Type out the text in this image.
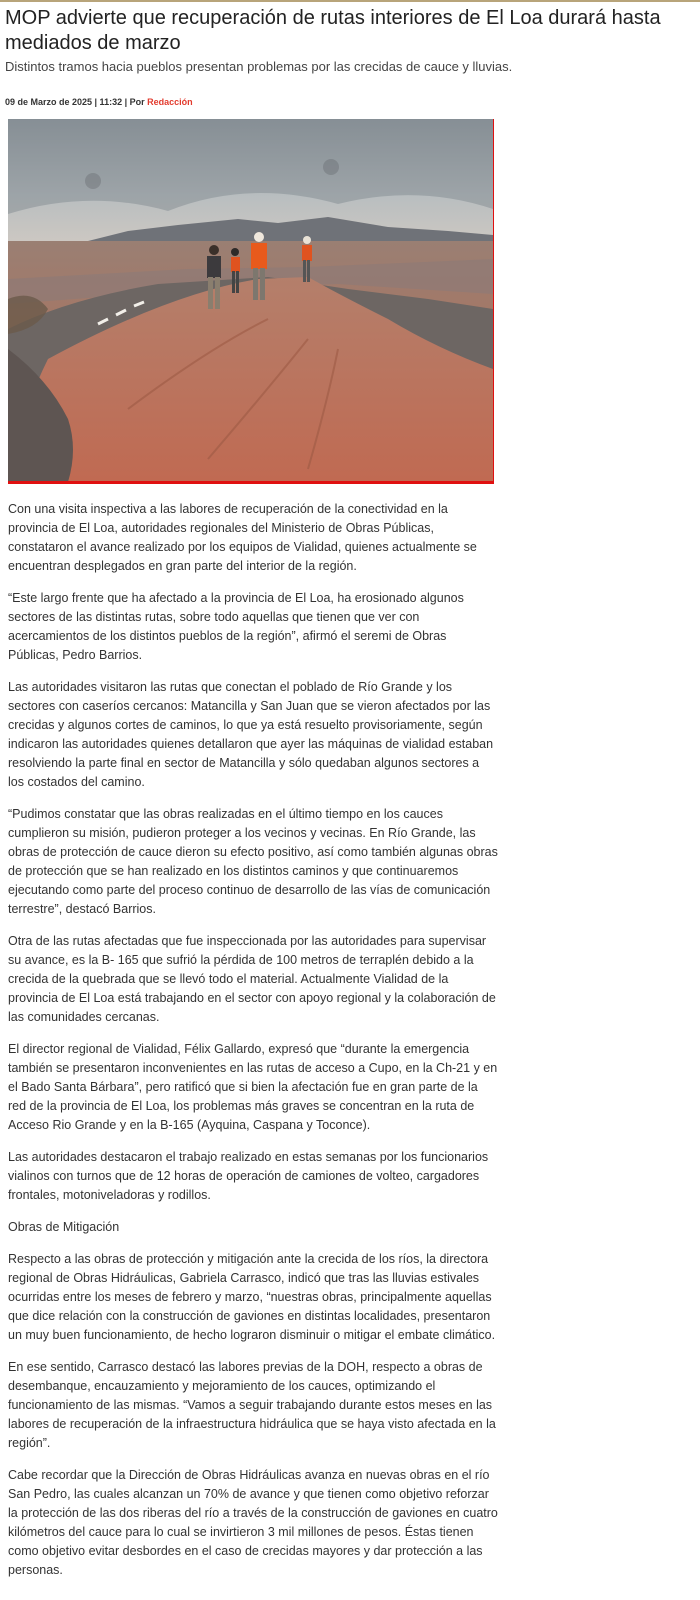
MOP advierte que recuperación de rutas interiores de El Loa durará hasta mediados de marzo

Distintos tramos hacia pueblos presentan problemas por las crecidas de cauce y lluvias.

09 de Marzo de 2025 | 11:32 | Por Redacción

Con una visita inspectiva a las labores de recuperación de la conectividad en la provincia de El Loa, autoridades regionales del Ministerio de Obras Públicas, constataron el avance realizado por los equipos de Vialidad, quienes actualmente se encuentran desplegados en gran parte del interior de la región.

“Este largo frente que ha afectado a la provincia de El Loa, ha erosionado algunos sectores de las distintas rutas, sobre todo aquellas que tienen que ver con acercamientos de los distintos pueblos de la región”, afirmó el seremi de Obras Públicas, Pedro Barrios.

Las autoridades visitaron las rutas que conectan el poblado de Río Grande y los sectores con caseríos cercanos: Matancilla y San Juan que se vieron afectados por las crecidas y algunos cortes de caminos, lo que ya está resuelto provisoriamente, según indicaron las autoridades quienes detallaron que ayer las máquinas de vialidad estaban resolviendo la parte final en sector de Matancilla y sólo quedaban algunos sectores a los costados del camino.

“Pudimos constatar que las obras realizadas en el último tiempo en los cauces cumplieron su misión, pudieron proteger a los vecinos y vecinas. En Río Grande, las obras de protección de cauce dieron su efecto positivo, así como también algunas obras de protección que se han realizado en los distintos caminos y que continuaremos ejecutando como parte del proceso continuo de desarrollo de las vías de comunicación terrestre”, destacó Barrios.

Otra de las rutas afectadas que fue inspeccionada por las autoridades para supervisar su avance, es la B- 165 que sufrió la pérdida de 100 metros de terraplén debido a la crecida de la quebrada que se llevó todo el material. Actualmente Vialidad de la provincia de El Loa está trabajando en el sector con apoyo regional y la colaboración de las comunidades cercanas.

El director regional de Vialidad, Félix Gallardo, expresó que “durante la emergencia también se presentaron inconvenientes en las rutas de acceso a Cupo, en la Ch-21 y en el Bado Santa Bárbara”, pero ratificó que si bien la afectación fue en gran parte de la red de la provincia de El Loa, los problemas más graves se concentran en la ruta de Acceso Rio Grande y en la B-165 (Ayquina, Caspana y Toconce).

Las autoridades destacaron el trabajo realizado en estas semanas por los funcionarios vialinos con turnos que de 12 horas de operación de camiones de volteo, cargadores frontales, motoniveladoras y rodillos.

Obras de Mitigación

Respecto a las obras de protección y mitigación ante la crecida de los ríos, la directora regional de Obras Hidráulicas, Gabriela Carrasco, indicó que tras las lluvias estivales ocurridas entre los meses de febrero y marzo, “nuestras obras, principalmente aquellas que dice relación con la construcción de gaviones en distintas localidades, presentaron un muy buen funcionamiento, de hecho lograron disminuir o mitigar el embate climático.

En ese sentido, Carrasco destacó las labores previas de la DOH, respecto a obras de desembanque, encauzamiento y mejoramiento de los cauces, optimizando el funcionamiento de las mismas. “Vamos a seguir trabajando durante estos meses en las labores de recuperación de la infraestructura hidráulica que se haya visto afectada en la región”.

Cabe recordar que la Dirección de Obras Hidráulicas avanza en nuevas obras en el río San Pedro, las cuales alcanzan un 70% de avance y que tienen como objetivo reforzar la protección de las dos riberas del río a través de la construcción de gaviones en cuatro kilómetros del cauce para lo cual se invirtieron 3 mil millones de pesos. Éstas tienen como objetivo evitar desbordes en el caso de crecidas mayores y dar protección a las personas.
